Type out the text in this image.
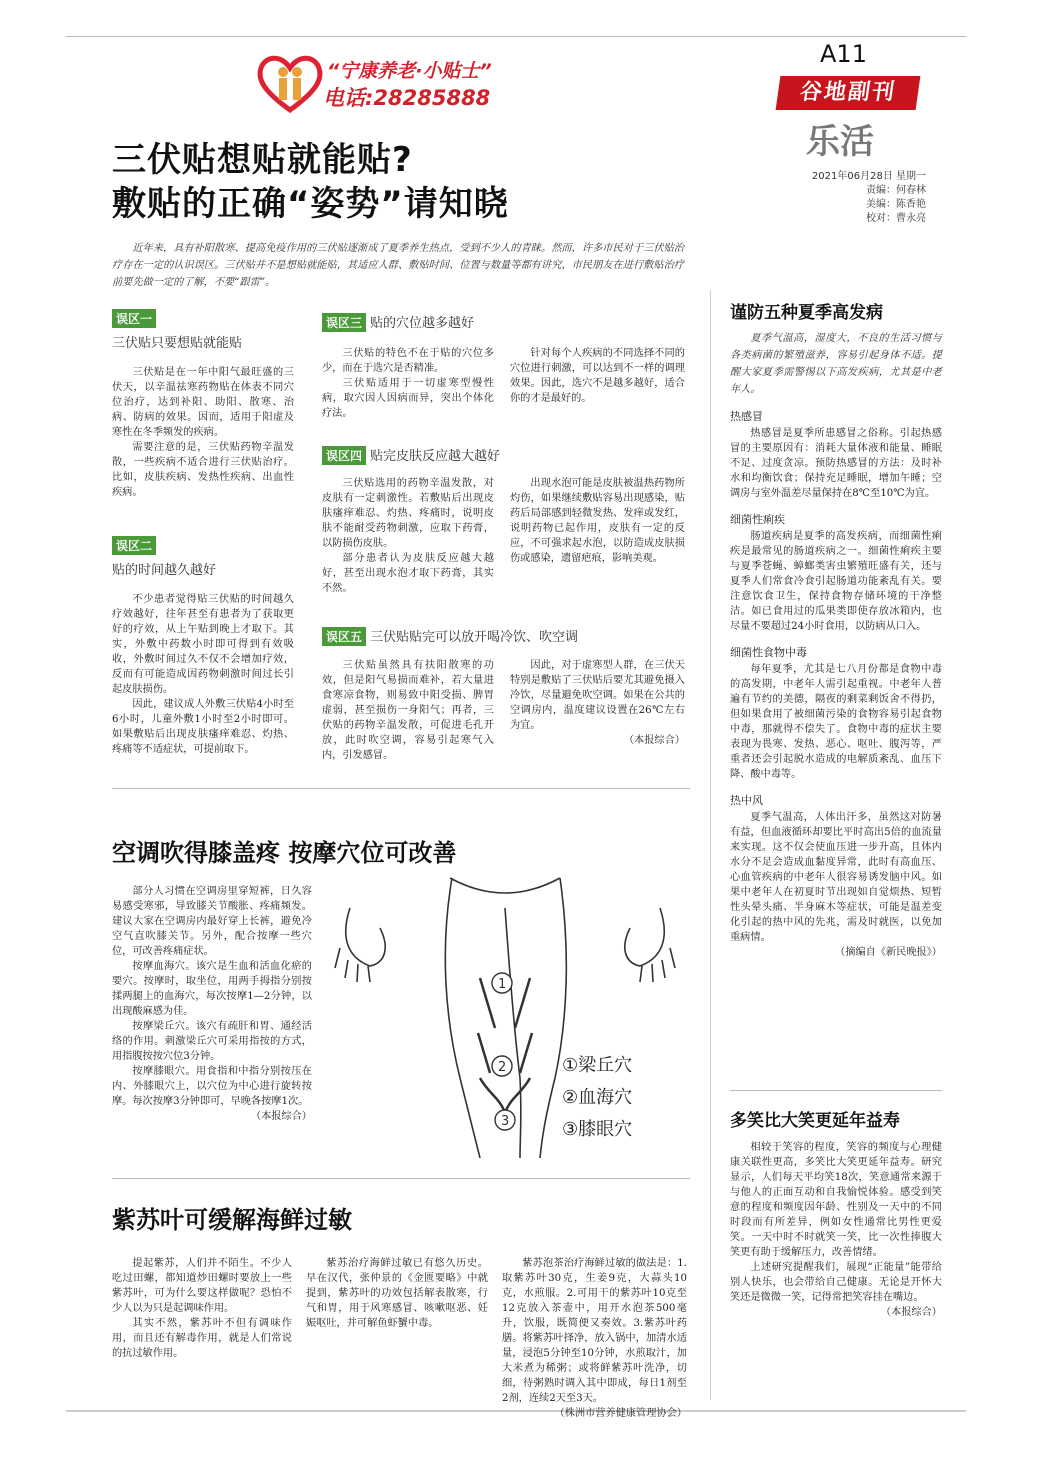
“宁康养老·小贴士”
电话:28285888
A11
谷地副刊
乐活
2021年06月28日 星期一
责编：何春林
美编：陈香艳
校对：曹永亮
三伏贴想贴就能贴?
敷贴的正确“姿势”请知晓
近年来，具有补阳散寒、提高免疫作用的三伏贴逐渐成了夏季养生热点，受到不少人的青睐。然而，许多市民对于三伏贴治疗存在一定的认识误区。三伏贴并不是想贴就能贴，其适应人群、敷贴时间、位置与数量等都有讲究，市民朋友在进行敷贴治疗前要先做一定的了解，不要“跟雷”。
误区一
三伏贴只要想贴就能贴

三伏贴是在一年中阳气最旺盛的三伏天，以辛温祛寒药物贴在体表不同穴位治疗，达到补阳、助阳、散寒、治病、防病的效果。因而，适用于阳虚及寒性在冬季频发的疾病。

需要注意的是，三伏贴药物辛温发散，一些疾病不适合进行三伏贴治疗。比如，皮肤疾病、发热性疾病、出血性疾病。

误区二
贴的时间越久越好

不少患者觉得贴三伏贴的时间越久疗效越好，往年甚至有患者为了获取更好的疗效，从上午贴到晚上才取下。其实，外敷中药数小时即可得到有效吸收，外敷时间过久不仅不会增加疗效，反而有可能造成因药物刺激时间过长引起皮肤损伤。

因此，建议成人外敷三伏贴4小时至6小时，儿童外敷1小时至2小时即可。如果敷贴后出现皮肤瘙痒难忍、灼热、疼痛等不适症状，可提前取下。

误区三 贴的穴位越多越好

三伏贴的特色不在于贴的穴位多少，而在于选穴是否精准。

三伏贴适用于一切虚寒型慢性病，取穴因人因病而异，突出个体化疗法。

针对每个人疾病的不同选择不同的穴位进行刺激，可以达到不一样的调理效果。因此，选穴不是越多越好，适合你的才是最好的。

误区四 贴完皮肤反应越大越好

三伏贴选用的药物辛温发散，对皮肤有一定刺激性。若敷贴后出现皮肤瘙痒难忍、灼热、疼痛时，说明皮肤不能耐受药物刺激，应取下药膏，以防损伤皮肤。

部分患者认为皮肤反应越大越好，甚至出现水泡才取下药膏，其实不然。

出现水泡可能是皮肤被温热药物所灼伤，如果继续敷贴容易出现感染，贴药后局部感到轻微发热、发痒或发红，说明药物已起作用，皮肤有一定的反应，不可强求起水泡，以防造成皮肤损伤或感染，遗留疤痕，影响美观。

误区五 三伏贴贴完可以放开喝冷饮、吹空调

三伏贴虽然具有扶阳散寒的功效，但是阳气易损而难补，若大量进食寒凉食物，则易致中阳受损、脾胃虚弱，甚至损伤一身阳气；再者，三伏贴的药物辛温发散，可促进毛孔开放，此时吹空调，容易引起寒气入内，引发感冒。

因此，对于虚寒型人群，在三伏天特别是敷贴了三伏贴后要尤其避免摄入冷饮，尽量避免吹空调。如果在公共的空调房内，温度建议设置在26℃左右为宜。

（本报综合）

空调吹得膝盖疼 按摩穴位可改善

部分人习惯在空调房里穿短裤，日久容易感受寒邪，导致膝关节酸胀、疼痛频发。建议大家在空调房内最好穿上长裤，避免冷空气直吹膝关节。另外，配合按摩一些穴位，可改善疼痛症状。

按摩血海穴。该穴是生血和活血化瘀的要穴。按摩时，取坐位，用两手拇指分别按揉两腿上的血海穴，每次按摩1—2分钟，以出现酸麻感为佳。

按摩梁丘穴。该穴有疏肝和胃、通经活络的作用。刺激梁丘穴可采用指按的方式，用指腹按按穴位3分钟。

按摩膝眼穴。用食指和中指分别按压在内、外膝眼穴上，以穴位为中心进行旋转按摩。每次按摩3分钟即可，早晚各按摩1次。

（本报综合）

1
2
3
①梁丘穴
②血海穴
③膝眼穴
紫苏叶可缓解海鲜过敏

提起紫苏，人们并不陌生。不少人吃过田螺，都知道炒田螺时要放上一些紫苏叶，可为什么要这样做呢？恐怕不少人以为只是起调味作用。

其实不然，紫苏叶不但有调味作用，而且还有解毒作用，就是人们常说的抗过敏作用。

紫苏治疗海鲜过敏已有悠久历史。早在汉代，张仲景的《金匮要略》中就提到，紫苏叶的功效包括解表散寒，行气和胃，用于风寒感冒、咳嗽呕恶、妊娠呕吐，并可解鱼虾蟹中毒。

紫苏泡茶治疗海鲜过敏的做法是：1.取紫苏叶30克，生姜9克，大蒜头10克，水煎服。2.可用干的紫苏叶10克至12克放入茶壶中，用开水泡茶500毫升，饮服，既简便又奏效。3.紫苏叶药膳。将紫苏叶择净，放入锅中，加清水适量，浸泡5分钟至10分钟，水煎取汁，加大米煮为稀粥；或将鲜紫苏叶洗净，切细，待粥熟时调入其中即成，每日1剂至2剂，连续2天至3天。

（株洲市营养健康管理协会）

谨防五种夏季高发病
夏季气温高，湿度大，不良的生活习惯与各类病菌的繁殖滋养，容易引起身体不适。提醒大家夏季需警惕以下高发疾病，尤其是中老年人。
热感冒
热感冒是夏季所患感冒之俗称。引起热感冒的主要原因有：消耗大量体液和能量、睡眠不足、过度贪凉。预防热感冒的方法：及时补水和均衡饮食；保持充足睡眠，增加午睡；空调房与室外温差尽量保持在8℃至10℃为宜。
细菌性痢疾
肠道疾病是夏季的高发疾病，而细菌性痢疾是最常见的肠道疾病之一。细菌性痢疾主要与夏季苍蝇、蟑螂类害虫繁殖旺盛有关，还与夏季人们常食冷食引起肠道功能紊乱有关。要注意饮食卫生，保持食物存储环境的干净整洁。如已食用过的瓜果类即使存放冰箱内，也尽量不要超过24小时食用，以防病从口入。
细菌性食物中毒
每年夏季，尤其是七八月份都是食物中毒的高发期，中老年人需引起重视。中老年人普遍有节约的美德，隔夜的剩菜剩饭舍不得扔，但如果食用了被细菌污染的食物容易引起食物中毒，那就得不偿失了。食物中毒的症状主要表现为畏寒、发热、恶心、呕吐、腹泻等，严重者还会引起脱水造成的电解质紊乱、血压下降、酸中毒等。
热中风
夏季气温高，人体出汗多，虽然这对防暑有益，但血液循环却要比平时高出5倍的血流量来实现。这不仅会使血压进一步升高，且体内水分不足会造成血黏度异常，此时有高血压、心血管疾病的中老年人很容易诱发脑中风。如果中老年人在初夏时节出现如自觉烦热、短暂性头晕头痛、半身麻木等症状，可能是温差变化引起的热中风的先兆，需及时就医，以免加重病情。
（摘编自《新民晚报》）
多笑比大笑更延年益寿

相较于笑容的程度，笑容的频度与心理健康关联性更高，多笑比大笑更延年益寿。研究显示，人们每天平均笑18次，笑意通常来源于与他人的正面互动和自我愉悦体验。感受到笑意的程度和频度因年龄、性别及一天中的不同时段而有所差异，例如女性通常比男性更爱笑。一天中时不时就笑一笑，比一次性捧腹大笑更有助于缓解压力，改善情绪。

上述研究提醒我们，展现“正能量”能带给别人快乐，也会带给自己健康。无论是开怀大笑还是微微一笑，记得常把笑容挂在嘴边。

（本报综合）
